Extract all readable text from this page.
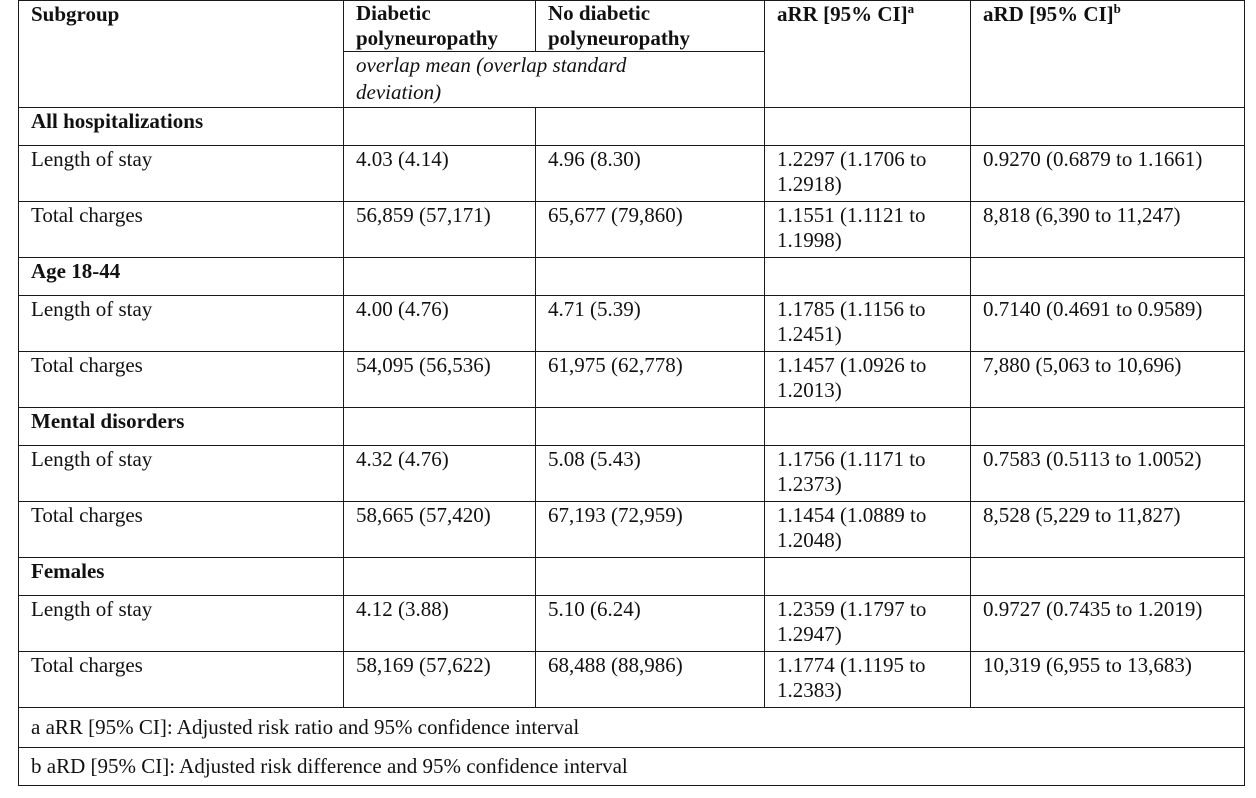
Subgroup	Diabetic polyneuropathy	No diabetic polyneuropathy	aRR [95% CI]$^a$	aRD [95% CI]$^b$
	overlap mean (overlap standard deviation)			
All hospitalizations				
Length of stay	4.03 (4.14)	4.96 (8.30)	1.2297 (1.1706 to 1.2918)	0.9270 (0.6879 to 1.1661)
Total charges	56,859 (57,171)	65,677 (79,860)	1.1551 (1.1121 to 1.1998)	8,818 (6,390 to 11,247)
Age 18-44				
Length of stay	4.00 (4.76)	4.71 (5.39)	1.1785 (1.1156 to 1.2451)	0.7140 (0.4691 to 0.9589)
Total charges	54,095 (56,536)	61,975 (62,778)	1.1457 (1.0926 to 1.2013)	7,880 (5,063 to 10,696)
Mental disorders				
Length of stay	4.32 (4.76)	5.08 (5.43)	1.1756 (1.1171 to 1.2373)	0.7583 (0.5113 to 1.0052)
Total charges	58,665 (57,420)	67,193 (72,959)	1.1454 (1.0889 to 1.2048)	8,528 (5,229 to 11,827)
Females				
Length of stay	4.12 (3.88)	5.10 (6.24)	1.2359 (1.1797 to 1.2947)	0.9727 (0.7435 to 1.2019)
Total charges	58,169 (57,622)	68,488 (88,986)	1.1774 (1.1195 to 1.2383)	10,319 (6,955 to 13,683)
a aRR [95% CI]: Adjusted risk ratio and 95% confidence interval				
b aRD [95% CI]: Adjusted risk difference and 95% confidence interval				
